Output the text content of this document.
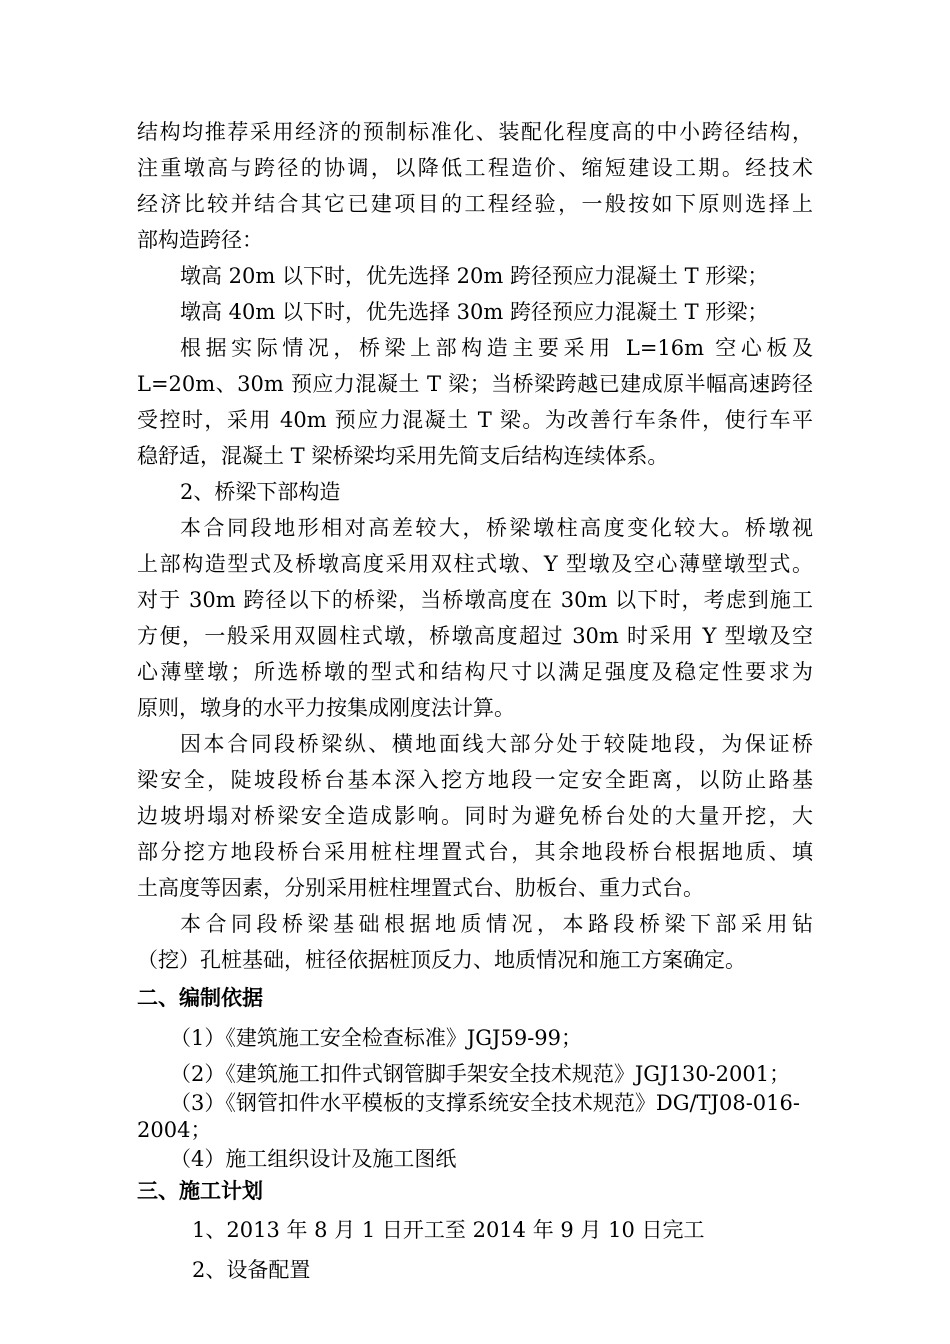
结构均推荐采用经济的预制标准化、装配化程度高的中小跨径结构，

注重墩高与跨径的协调，以降低工程造价、缩短建设工期。经技术

经济比较并结合其它已建项目的工程经验，一般按如下原则选择上

部构造跨径：

墩高 20m 以下时，优先选择 20m 跨径预应力混凝土 T 形梁；

墩高 40m 以下时，优先选择 30m 跨径预应力混凝土 T 形梁；

根据实际情况，桥梁上部构造主要采用 L=16m 空心板及

L=20m、30m 预应力混凝土 T 梁；当桥梁跨越已建成原半幅高速跨径

受控时，采用 40m 预应力混凝土 T 梁。为改善行车条件，使行车平

稳舒适，混凝土 T 梁桥梁均采用先简支后结构连续体系。

2、桥梁下部构造

本合同段地形相对高差较大，桥梁墩柱高度变化较大。桥墩视

上部构造型式及桥墩高度采用双柱式墩、Y 型墩及空心薄壁墩型式。

对于 30m 跨径以下的桥梁，当桥墩高度在 30m 以下时，考虑到施工

方便，一般采用双圆柱式墩，桥墩高度超过 30m 时采用 Y 型墩及空

心薄壁墩；所选桥墩的型式和结构尺寸以满足强度及稳定性要求为

原则，墩身的水平力按集成刚度法计算。

因本合同段桥梁纵、横地面线大部分处于较陡地段，为保证桥

梁安全，陡坡段桥台基本深入挖方地段一定安全距离，以防止路基

边坡坍塌对桥梁安全造成影响。同时为避免桥台处的大量开挖，大

部分挖方地段桥台采用桩柱埋置式台，其余地段桥台根据地质、填

土高度等因素，分别采用桩柱埋置式台、肋板台、重力式台。

本合同段桥梁基础根据地质情况，本路段桥梁下部采用钻

（挖）孔桩基础，桩径依据桩顶反力、地质情况和施工方案确定。

二、编制依据

（1）《建筑施工安全检查标准》JGJ59-99；

（2）《建筑施工扣件式钢管脚手架安全技术规范》JGJ130-2001；

（3）《钢管扣件水平模板的支撑系统安全技术规范》DG/TJ08-016-

2004；

（4）施工组织设计及施工图纸

三、施工计划

1、2013 年 8 月 1 日开工至 2014 年 9 月 10 日完工

2、设备配置
